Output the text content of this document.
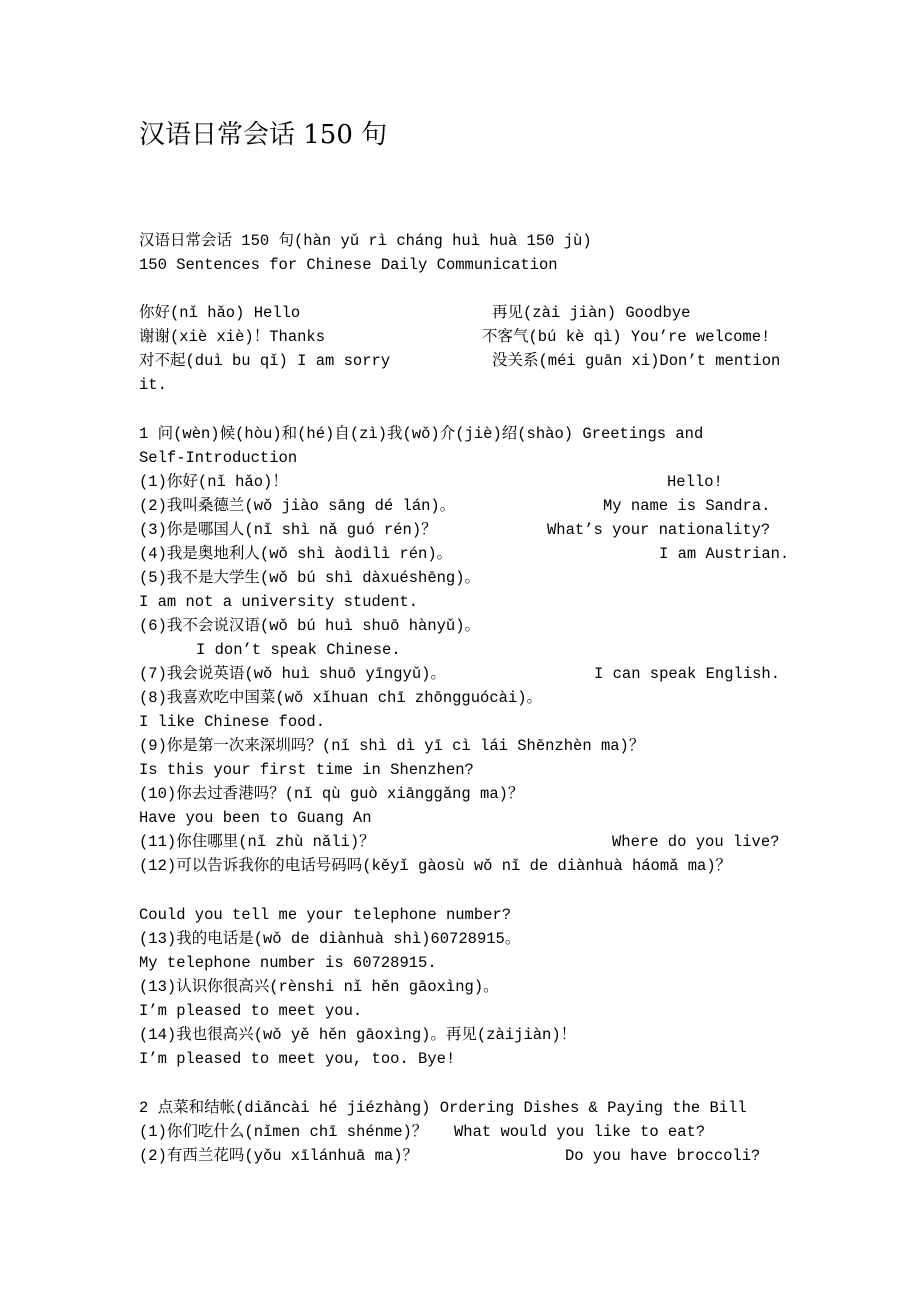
汉语日常会话 150 句
汉语日常会话 150 句(hàn yǔ rì cháng huì huà 150 jù)
150 Sentences for Chinese Daily Communication
你好(nǐ hǎo) Hello	再见(zài jiàn) Goodbye
谢谢(xiè xiè)！Thanks	不客气(bú kè qì) You’re welcome!
对不起(duì bu qǐ) I am sorry	没关系(méi guān xi)Don’t mention
it.
1 问(wèn)候(hòu)和(hé)自(zì)我(wǒ)介(jiè)绍(shào) Greetings and
Self-Introduction
(1)你好(nǐ hǎo)！	Hello!
(2)我叫桑德兰(wǒ jiào sāng dé lán)。	My name is Sandra.
(3)你是哪国人(nǐ shì nǎ guó rén)？	What’s your nationality?
(4)我是奥地利人(wǒ shì àodìlì rén)。	I am Austrian.
(5)我不是大学生(wǒ bú shì dàxuéshēng)。
I am not a university student.
(6)我不会说汉语(wǒ bú huì shuō hànyǔ)。
I don’t speak Chinese.
(7)我会说英语(wǒ huì shuō yīngyǔ)。	I can speak English.
(8)我喜欢吃中国菜(wǒ xǐhuan chī zhōngguócài)。
I like Chinese food.
(9)你是第一次来深圳吗？(nǐ shì dì yī cì lái Shēnzhèn ma)？
Is this your first time in Shenzhen?
(10)你去过香港吗？(nǐ qù guò xiānggǎng ma)？
Have you been to Guang An
(11)你住哪里(nǐ zhù nǎli)？	Where do you live?
(12)可以告诉我你的电话号码吗(kěyǐ gàosù wǒ nǐ de diànhuà háomǎ ma)？
Could you tell me your telephone number?
(13)我的电话是(wǒ de diànhuà shì)60728915。
My telephone number is 60728915.
(13)认识你很高兴(rènshi nǐ hěn gāoxìng)。
I’m pleased to meet you.
(14)我也很高兴(wǒ yě hěn gāoxìng)。再见(zàijiàn)！
I’m pleased to meet you, too. Bye!
2 点菜和结帐(diǎncài hé jiézhàng) Ordering Dishes & Paying the Bill
(1)你们吃什么(nǐmen chī shénme)？ What would you like to eat?
(2)有西兰花吗(yǒu xīlánhuā ma)？	Do you have broccoli?
